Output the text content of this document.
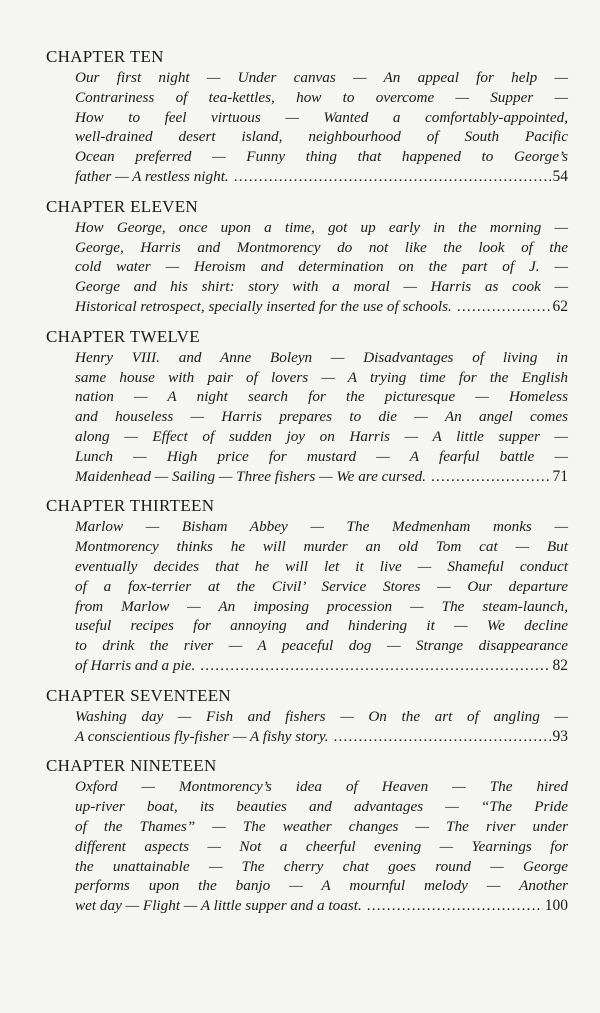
CHAPTER TEN
Our first night — Under canvas — An appeal for help —
Contrariness of tea-kettles, how to overcome — Supper —
How to feel virtuous — Wanted a comfortably-appointed,
well-drained desert island, neighbourhood of South Pacific
Ocean preferred — Funny thing that happened to George’s
father — A restless night. .....	54
CHAPTER ELEVEN
How George, once upon a time, got up early in the morning —
George, Harris and Montmorency do not like the look of the
cold water — Heroism and determination on the part of J. —
George and his shirt: story with a moral — Harris as cook —
Historical retrospect, specially inserted for the use of schools. .....	62
CHAPTER TWELVE
Henry VIII. and Anne Boleyn — Disadvantages of living in
same house with pair of lovers — A trying time for the English
nation — A night search for the picturesque — Homeless
and houseless — Harris prepares to die — An angel comes
along — Effect of sudden joy on Harris — A little supper —
Lunch — High price for mustard — A fearful battle —
Maidenhead — Sailing — Three fishers — We are cursed. .....	71
CHAPTER THIRTEEN
Marlow — Bisham Abbey — The Medmenham monks —
Montmorency thinks he will murder an old Tom cat — But
eventually decides that he will let it live — Shameful conduct
of a fox-terrier at the Civil’ Service Stores — Our departure
from Marlow — An imposing procession — The steam-launch,
useful recipes for annoying and hindering it — We decline
to drink the river — A peaceful dog — Strange disappearance
of Harris and a pie. .....	82
CHAPTER SEVENTEEN
Washing day — Fish and fishers — On the art of angling —
A conscientious fly-fisher — A fishy story. .....	93
CHAPTER NINETEEN
Oxford — Montmorency’s idea of Heaven — The hired
up-river boat, its beauties and advantages — “The Pride
of the Thames” — The weather changes — The river under
different aspects — Not a cheerful evening — Yearnings for
the unattainable — The cherry chat goes round — George
performs upon the banjo — A mournful melody — Another
wet day — Flight — A little supper and a toast. .....	100
